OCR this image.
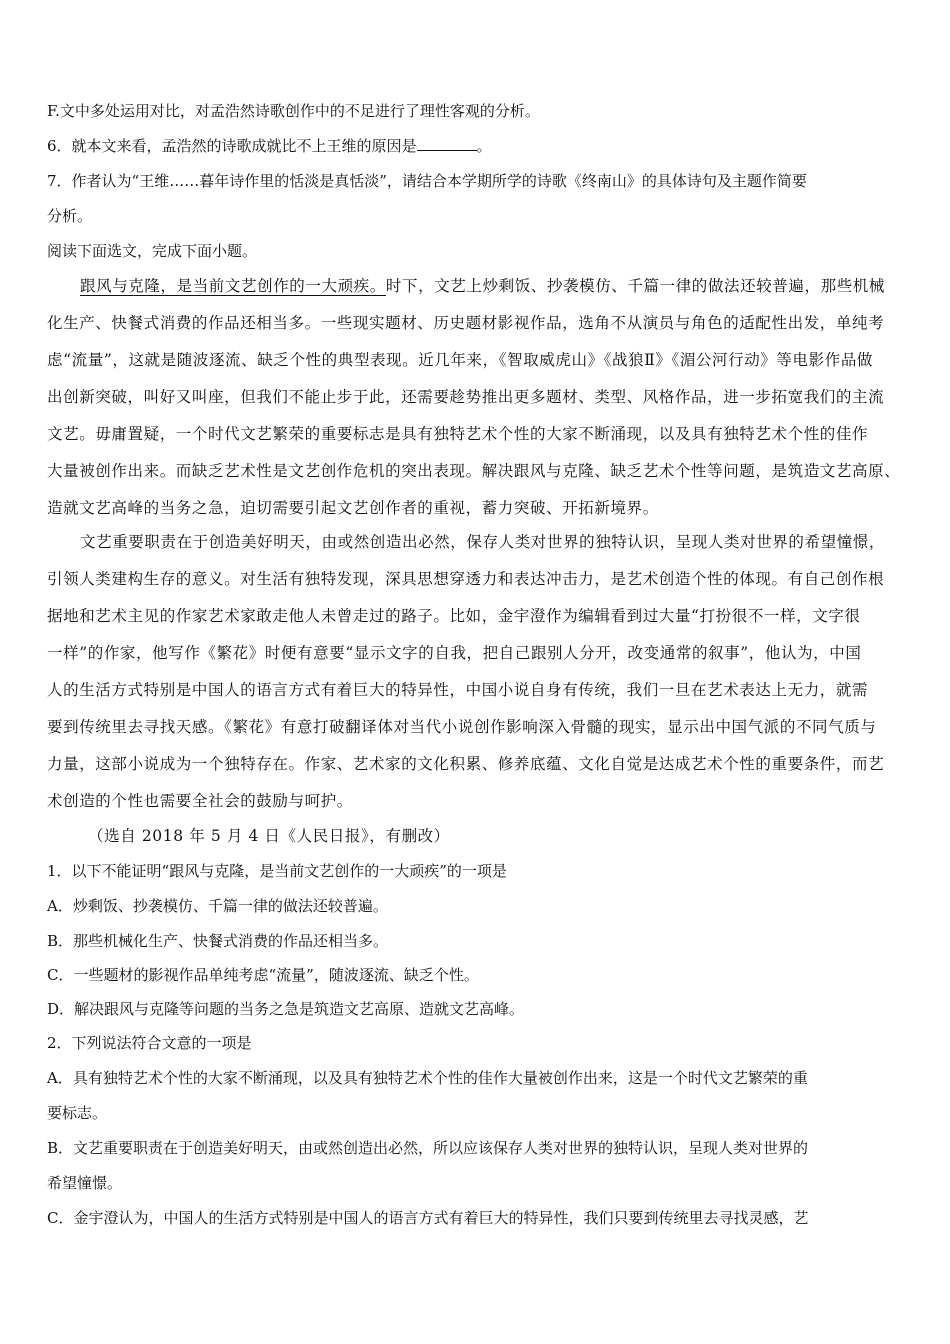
F.文中多处运用对比，对孟浩然诗歌创作中的不足进行了理性客观的分析。

6．就本文来看，孟浩然的诗歌成就比不上王维的原因是	。

7．作者认为“王维……暮年诗作里的恬淡是真恬淡”，请结合本学期所学的诗歌《终南山》的具体诗句及主题作简要

分析。

阅读下面选文，完成下面小题。

跟风与克隆，是当前文艺创作的一大顽疾。时下，文艺上炒剩饭、抄袭模仿、千篇一律的做法还较普遍，那些机械

化生产、快餐式消费的作品还相当多。一些现实题材、历史题材影视作品，选角不从演员与角色的适配性出发，单纯考

虑“流量”，这就是随波逐流、缺乏个性的典型表现。近几年来，《智取威虎山》《战狼Ⅱ》《湄公河行动》等电影作品做

出创新突破，叫好又叫座，但我们不能止步于此，还需要趁势推出更多题材、类型、风格作品，进一步拓宽我们的主流

文艺。毋庸置疑，一个时代文艺繁荣的重要标志是具有独特艺术个性的大家不断涌现，以及具有独特艺术个性的佳作

大量被创作出来。而缺乏艺术性是文艺创作危机的突出表现。解决跟风与克隆、缺乏艺术个性等问题，是筑造文艺高原、

造就文艺高峰的当务之急，迫切需要引起文艺创作者的重视，蓄力突破、开拓新境界。

文艺重要职责在于创造美好明天，由或然创造出必然，保存人类对世界的独特认识，呈现人类对世界的希望憧憬，

引领人类建构生存的意义。对生活有独特发现，深具思想穿透力和表达冲击力，是艺术创造个性的体现。有自己创作根

据地和艺术主见的作家艺术家敢走他人未曾走过的路子。比如，金宇澄作为编辑看到过大量“打扮很不一样，文字很

一样”的作家，他写作《繁花》时便有意要“显示文字的自我，把自己跟别人分开，改变通常的叙事”，他认为，中国

人的生活方式特别是中国人的语言方式有着巨大的特异性，中国小说自身有传统，我们一旦在艺术表达上无力，就需

要到传统里去寻找天感。《繁花》有意打破翻译体对当代小说创作影响深入骨髓的现实，显示出中国气派的不同气质与

力量，这部小说成为一个独特存在。作家、艺术家的文化积累、修养底蕴、文化自觉是达成艺术个性的重要条件，而艺

术创造的个性也需要全社会的鼓励与呵护。

（选自 2018 年 5 月 4 日《人民日报》，有删改）

1．以下不能证明“跟风与克隆，是当前文艺创作的一大顽疾”的一项是

A．炒剩饭、抄袭模仿、千篇一律的做法还较普遍。

B．那些机械化生产、快餐式消费的作品还相当多。

C．一些题材的影视作品单纯考虑“流量”，随波逐流、缺乏个性。

D．解决跟风与克隆等问题的当务之急是筑造文艺高原、造就文艺高峰。

2．下列说法符合文意的一项是

A．具有独特艺术个性的大家不断涌现，以及具有独特艺术个性的佳作大量被创作出来，这是一个时代文艺繁荣的重

要标志。

B．文艺重要职责在于创造美好明天，由或然创造出必然，所以应该保存人类对世界的独特认识，呈现人类对世界的

希望憧憬。

C．金宇澄认为，中国人的生活方式特别是中国人的语言方式有着巨大的特异性，我们只要到传统里去寻找灵感，艺
